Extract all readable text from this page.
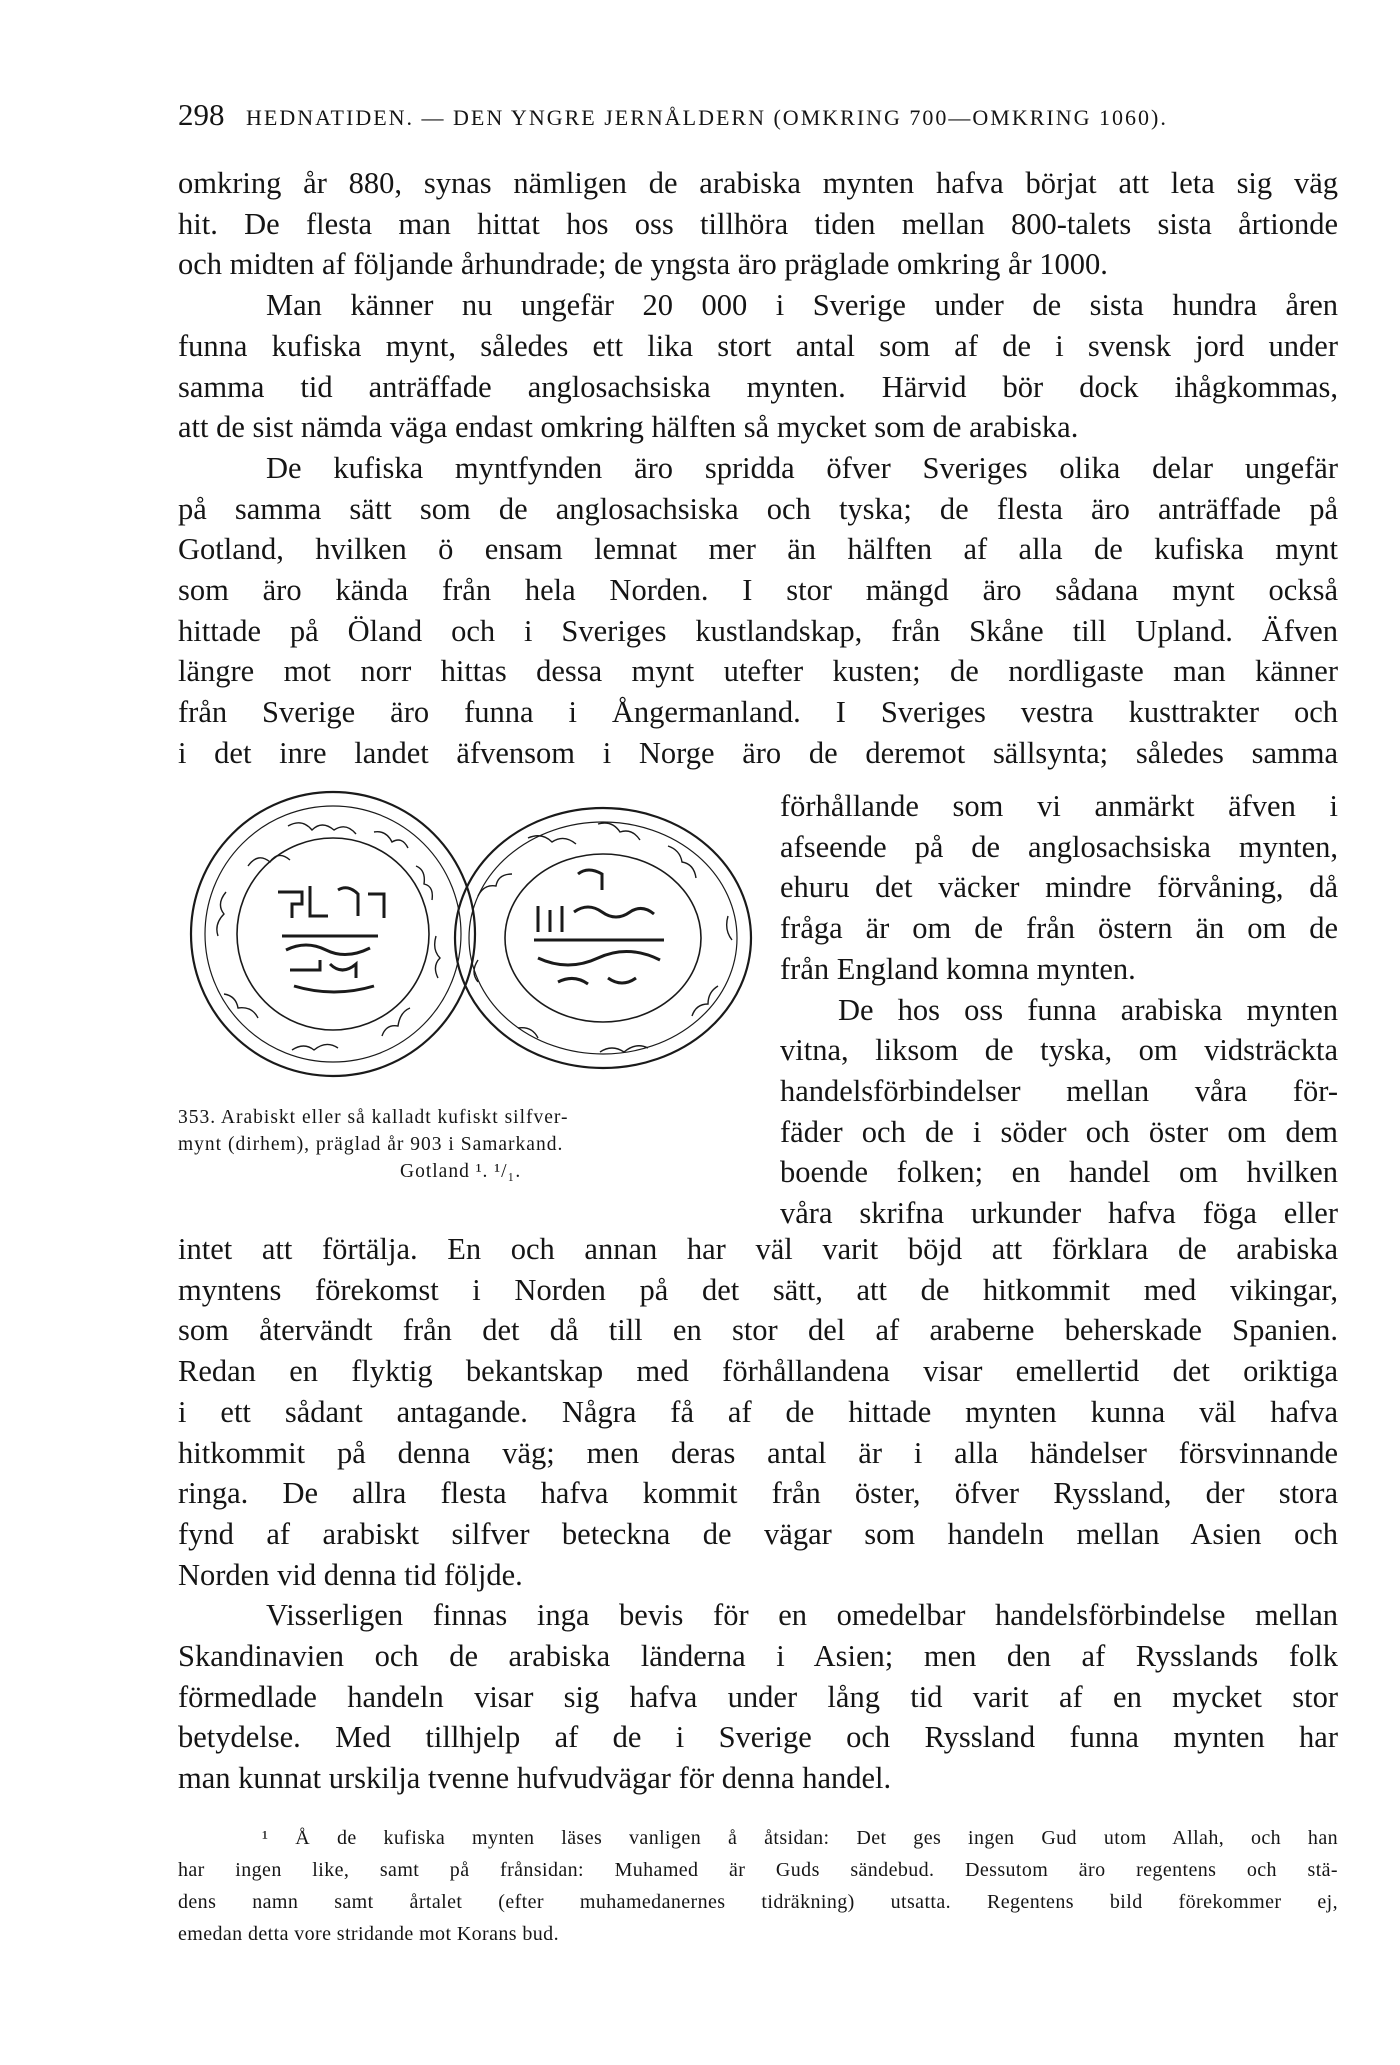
298 HEDNATIDEN. — DEN YNGRE JERNÅLDERN (OMKRING 700—OMKRING 1060).

omkring år 880, synas nämligen de arabiska mynten hafva börjat att leta sig väg
hit. De flesta man hittat hos oss tillhöra tiden mellan 800-talets sista årtionde
och midten af följande århundrade; de yngsta äro präglade omkring år 1000.

Man känner nu ungefär 20 000 i Sverige under de sista hundra åren
funna kufiska mynt, således ett lika stort antal som af de i svensk jord under
samma tid anträffade anglosachsiska mynten. Härvid bör dock ihågkommas,
att de sist nämda väga endast omkring hälften så mycket som de arabiska.

De kufiska myntfynden äro spridda öfver Sveriges olika delar ungefär
på samma sätt som de anglosachsiska och tyska; de flesta äro anträffade på
Gotland, hvilken ö ensam lemnat mer än hälften af alla de kufiska mynt
som äro kända från hela Norden. I stor mängd äro sådana mynt också
hittade på Öland och i Sveriges kustlandskap, från Skåne till Upland. Äfven
längre mot norr hittas dessa mynt utefter kusten; de nordligaste man känner
från Sverige äro funna i Ångermanland. I Sveriges vestra kusttrakter och
i det inre landet äfvensom i Norge äro de deremot sällsynta; således samma

353. Arabiskt eller så kalladt kufiskt silfver-
mynt (dirhem), präglad år 903 i Samarkand.
Gotland ¹. ¹/₁.
förhållande som vi anmärkt äfven i
afseende på de anglosachsiska mynten,
ehuru det väcker mindre förvåning, då
fråga är om de från östern än om de
från England komna mynten.
De hos oss funna arabiska mynten
vitna, liksom de tyska, om vidsträckta
handelsförbindelser mellan våra för-
fäder och de i söder och öster om dem
boende folken; en handel om hvilken
våra skrifna urkunder hafva föga eller

intet att förtälja. En och annan har väl varit böjd att förklara de arabiska
myntens förekomst i Norden på det sätt, att de hitkommit med vikingar,
som återvändt från det då till en stor del af araberne beherskade Spanien.
Redan en flyktig bekantskap med förhållandena visar emellertid det oriktiga
i ett sådant antagande. Några få af de hittade mynten kunna väl hafva
hitkommit på denna väg; men deras antal är i alla händelser försvinnande
ringa. De allra flesta hafva kommit från öster, öfver Ryssland, der stora
fynd af arabiskt silfver beteckna de vägar som handeln mellan Asien och
Norden vid denna tid följde.

Visserligen finnas inga bevis för en omedelbar handelsförbindelse mellan
Skandinavien och de arabiska länderna i Asien; men den af Rysslands folk
förmedlade handeln visar sig hafva under lång tid varit af en mycket stor
betydelse. Med tillhjelp af de i Sverige och Ryssland funna mynten har
man kunnat urskilja tvenne hufvudvägar för denna handel.

¹ Å de kufiska mynten läses vanligen å åtsidan: Det ges ingen Gud utom Allah, och han
har ingen like, samt på frånsidan: Muhamed är Guds sändebud. Dessutom äro regentens och stä-
dens namn samt årtalet (efter muhamedanernes tidräkning) utsatta. Regentens bild förekommer ej,
emedan detta vore stridande mot Korans bud.
